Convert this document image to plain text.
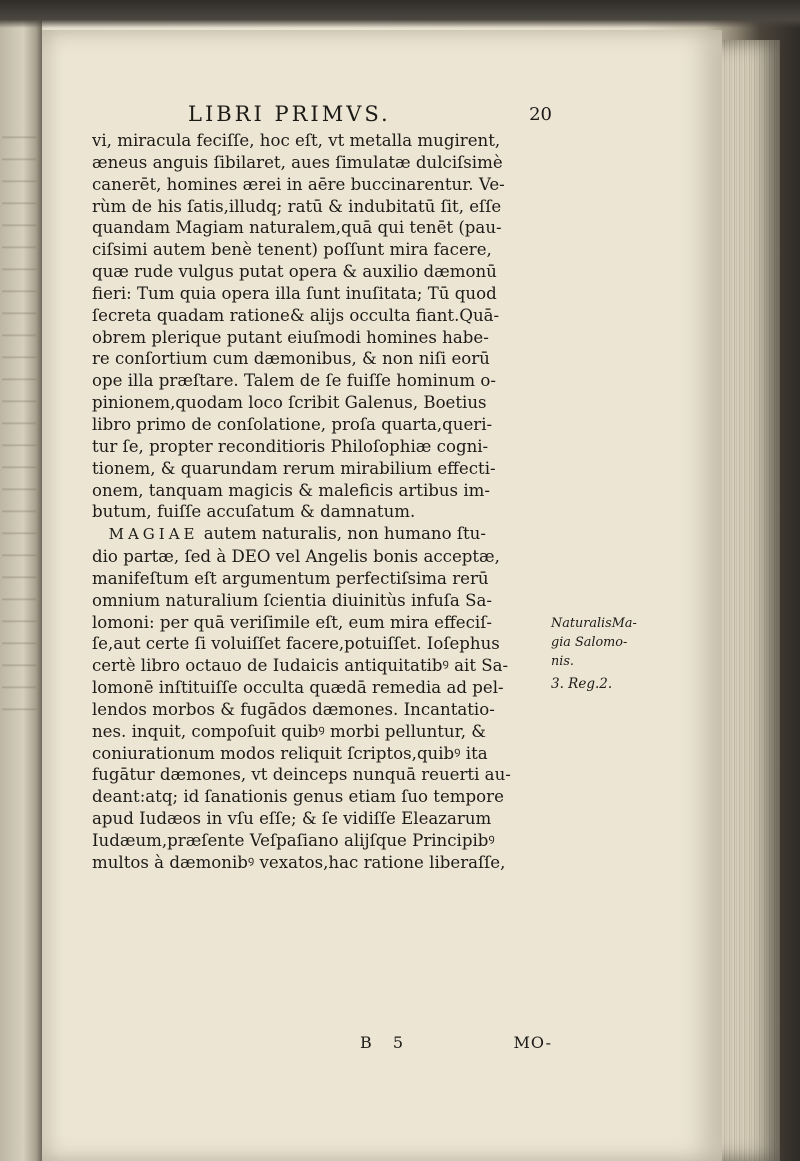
LIBRI PRIMVS.	20
vi, miracula feciſſe, hoc eſt, vt metalla mugirent,
æneus anguis ſibilaret, aues ſimulatæ dulciſsimè
canerēt, homines ærei in aēre buccinarentur. Ve-
rùm de his ſatis,illudq; ratū & indubitatū ſit, eſſe
quandam Magiam naturalem,quā qui tenēt (pau-
ciſsimi autem benè tenent) poſſunt mira facere,
quæ rude vulgus putat opera & auxilio dæmonū
fieri: Tum quia opera illa ſunt inuſitata; Tū quod
ſecreta quadam ratione& alijs occulta fiant.Quā-
obrem plerique putant eiuſmodi homines habe-
re conſortium cum dæmonibus, & non niſi eorū
ope illa præſtare. Talem de ſe fuiſſe hominum o-
pinionem,quodam loco ſcribit Galenus, Boetius
libro primo de conſolatione, proſa quarta,queri-
tur ſe, propter reconditioris Philoſophiæ cogni-
tionem, & quarundam rerum mirabilium effecti-
onem, tanquam magicis & maleficis artibus im-
butum, fuiſſe accuſatum & damnatum.
 MAGIAE autem naturalis, non humano ſtu-
dio partæ, ſed à DEO vel Angelis bonis acceptæ,
manifeſtum eſt argumentum perfectiſsima rerū
omnium naturalium ſcientia diuinitùs infuſa Sa-
lomoni: per quā veriſimile eſt, eum mira effeciſ-
ſe,aut certe ſi voluiſſet facere,potuiſſet. Ioſephus
certè libro octauo de Iudaicis antiquitatibꝰ ait Sa-
lomonē inſtituiſſe occulta quædā remedia ad pel-
lendos morbos & fugādos dæmones. Incantatio-
nes. inquit, compoſuit quibꝰ morbi pelluntur, &
coniurationum modos reliquit ſcriptos,quibꝰ ita
fugātur dæmones, vt deinceps nunquā reuerti au-
deant:atq; id ſanationis genus etiam ſuo tempore
apud Iudæos in vſu eſſe; & ſe vidiſſe Eleazarum
Iudæum,præſente Veſpaſiano alijſque Principibꝰ
multos à dæmonibꝰ vexatos,hac ratione liberaſſe,
NaturalisMa-
gia Salomo-
nis.
3. Reg.2.
B 5	MO-
